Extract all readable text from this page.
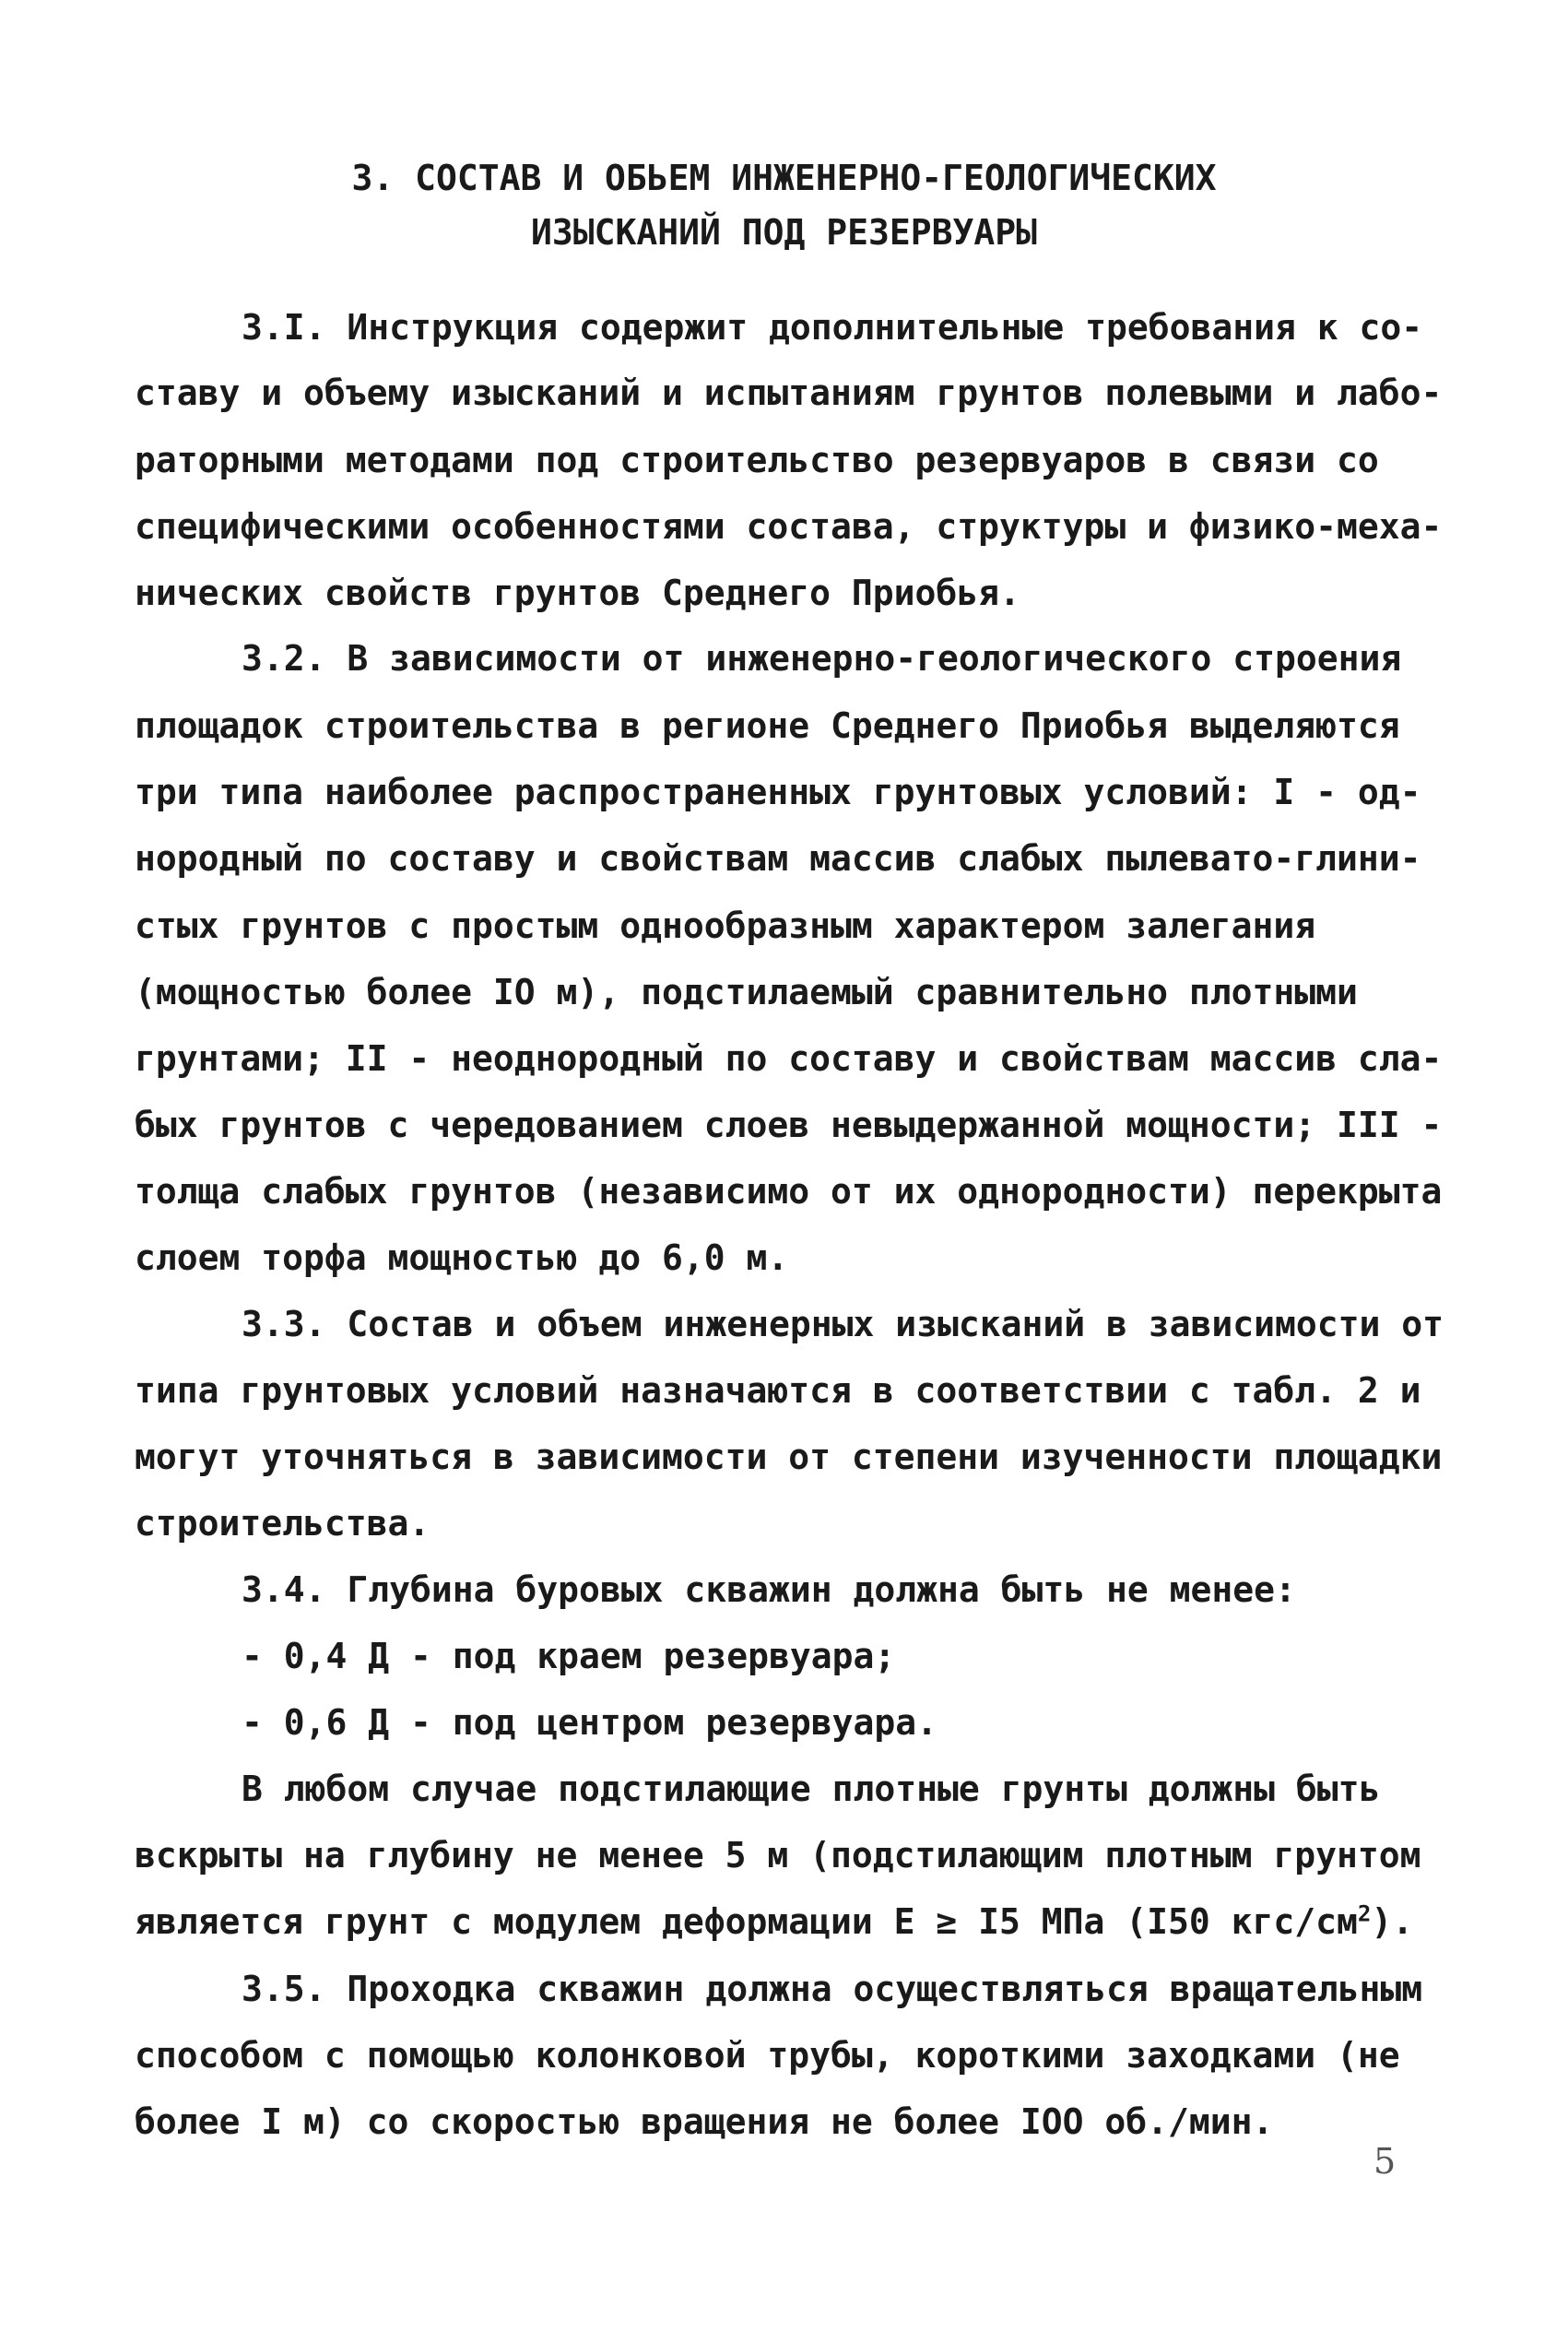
3. СОСТАВ И ОБЬЕМ ИНЖЕНЕРНО-ГЕОЛОГИЧЕСКИХ
ИЗЫСКАНИЙ ПОД РЕЗЕРВУАРЫ
3.I. Инструкция содержит дополнительные требования к со-
ставу и объему изысканий и испытаниям грунтов полевыми и лабо-
раторными методами под строительство резервуаров в связи со
специфическими особенностями состава, структуры и физико-меха-
нических свойств грунтов Среднего Приобья.
3.2. В зависимости от инженерно-геологического строения
площадок строительства в регионе Среднего Приобья выделяются
три типа наиболее распространенных грунтовых условий: I - од-
нородный по составу и свойствам массив слабых пылевато-глини-
стых грунтов с простым однообразным характером залегания
(мощностью более IO м), подстилаемый сравнительно плотными
грунтами; II - неоднородный по составу и свойствам массив сла-
бых грунтов с чередованием слоев невыдержанной мощности; III -
толща слабых грунтов (независимо от их однородности) перекрыта
слоем торфа мощностью до 6,0 м.
3.3. Состав и объем инженерных изысканий в зависимости от
типа грунтовых условий назначаются в соответствии с табл. 2 и
могут уточняться в зависимости от степени изученности площадки
строительства.
3.4. Глубина буровых скважин должна быть не менее:
- 0,4 Д - под краем резервуара;
- 0,6 Д - под центром резервуара.
В любом случае подстилающие плотные грунты должны быть
вскрыты на глубину не менее 5 м (подстилающим плотным грунтом
является грунт с модулем деформации E ≥ I5 МПа (I50 кгс/$см^2$).
3.5. Проходка скважин должна осуществляться вращательным
способом с помощью колонковой трубы, короткими заходками (не
более I м) со скоростью вращения не более IOO об./мин.
5
